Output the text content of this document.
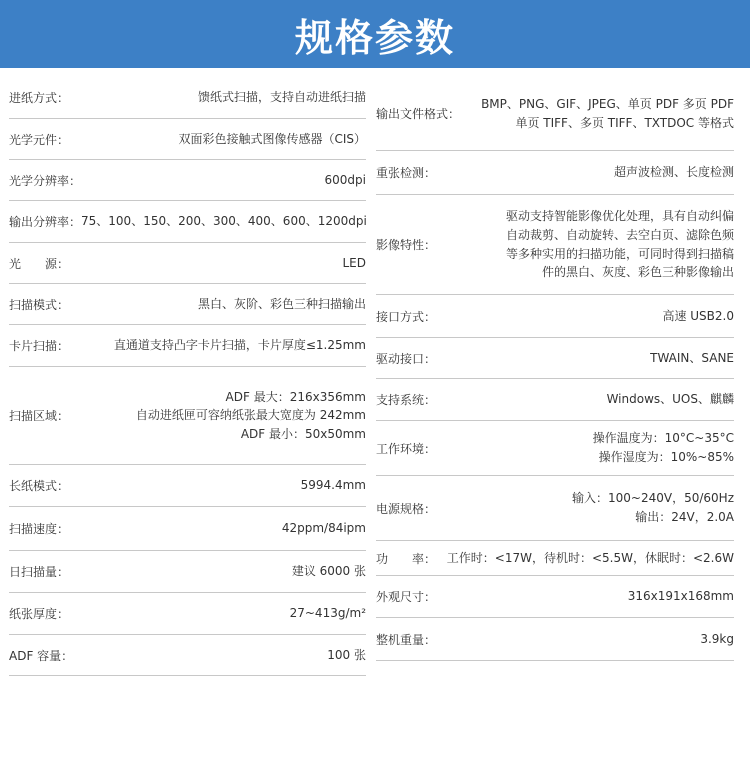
规格参数
进纸方式：	馈纸式扫描，支持自动进纸扫描
光学元件：	双面彩色接触式图像传感器（CIS）
光学分辨率：	600dpi
输出分辨率： 75、100、150、200、300、400、600、1200dpi
光　　源：	LED
扫描模式：	黑白、灰阶、彩色三种扫描输出
卡片扫描：	直通道支持凸字卡片扫描，卡片厚度≤1.25mm
扫描区域：
ADF 最大：216x356mm
自动进纸匣可容纳纸张最大宽度为 242mm
ADF 最小：50x50mm
长纸模式：	5994.4mm
扫描速度：	42ppm/84ipm
日扫描量：	建议 6000 张
纸张厚度：	27~413g/m²
ADF 容量：	100 张
输出文件格式：
BMP、PNG、GIF、JPEG、单页 PDF 多页 PDF
单页 TIFF、多页 TIFF、TXTDOC 等格式
重张检测：	超声波检测、长度检测
影像特性：
驱动支持智能影像优化处理，具有自动纠偏
自动裁剪、自动旋转、去空白页、滤除色频
等多种实用的扫描功能，可同时得到扫描稿
件的黑白、灰度、彩色三种影像输出
接口方式：	高速 USB2.0
驱动接口：	TWAIN、SANE
支持系统：	Windows、UOS、麒麟
工作环境：
操作温度为：10°C~35°C
操作湿度为：10%~85%
电源规格：
输入：100~240V，50/60Hz
输出：24V，2.0A
功　　率： 工作时：<17W，待机时：<5.5W，休眠时：<2.6W
外观尺寸：	316x191x168mm
整机重量：	3.9kg
